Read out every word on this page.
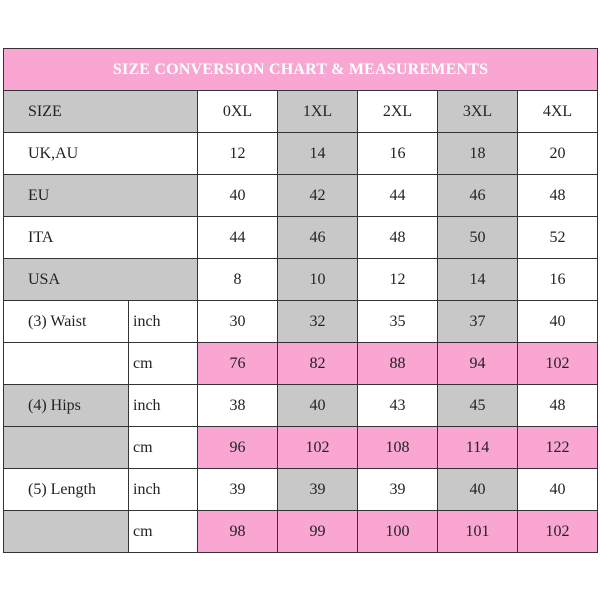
SIZE CONVERSION CHART & MEASUREMENTS						
SIZE		0XL	1XL	2XL	3XL	4XL
UK,AU		12	14	16	18	20
EU		40	42	44	46	48
ITA		44	46	48	50	52
USA		8	10	12	14	16
(3) Waist	inch	30	32	35	37	40
	cm	76	82	88	94	102
(4) Hips	inch	38	40	43	45	48
	cm	96	102	108	114	122
(5) Length	inch	39	39	39	40	40
	cm	98	99	100	101	102
